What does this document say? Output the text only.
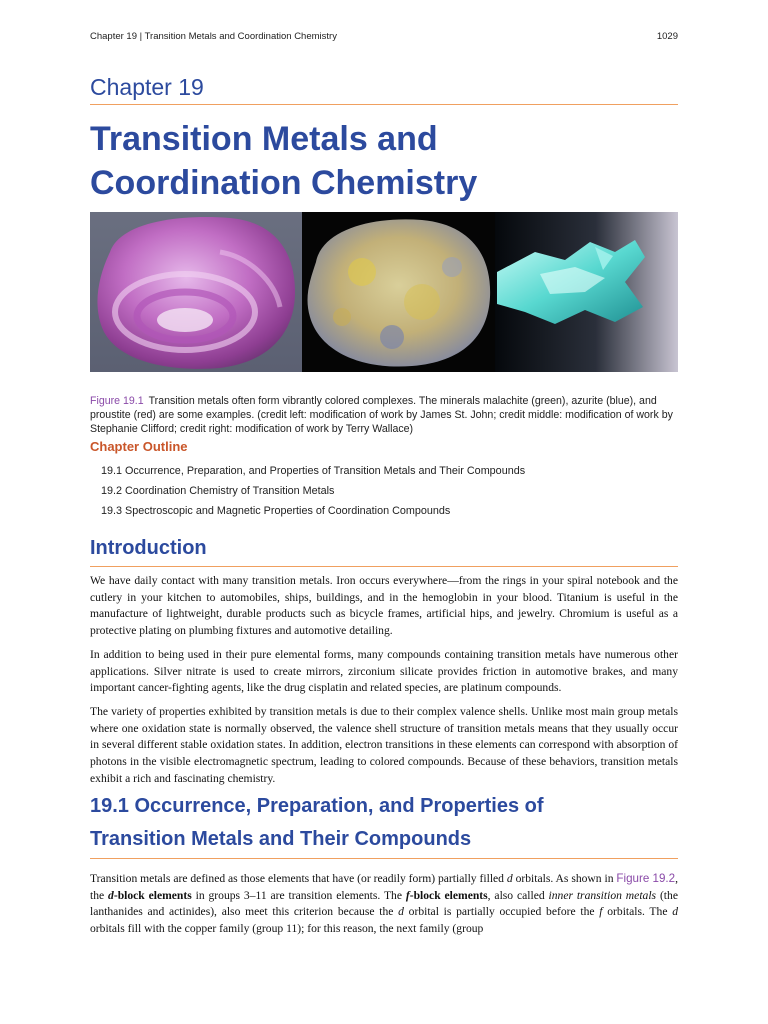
Chapter 19 | Transition Metals and Coordination Chemistry	1029
Chapter 19
Transition Metals and
Coordination Chemistry

Figure 19.1 Transition metals often form vibrantly colored complexes. The minerals malachite (green), azurite (blue), and proustite (red) are some examples. (credit left: modification of work by James St. John; credit middle: modification of work by Stephanie Clifford; credit right: modification of work by Terry Wallace)

Chapter Outline
19.1 Occurrence, Preparation, and Properties of Transition Metals and Their Compounds
19.2 Coordination Chemistry of Transition Metals
19.3 Spectroscopic and Magnetic Properties of Coordination Compounds
Introduction

We have daily contact with many transition metals. Iron occurs everywhere—from the rings in your spiral notebook and the cutlery in your kitchen to automobiles, ships, buildings, and in the hemoglobin in your blood. Titanium is useful in the manufacture of lightweight, durable products such as bicycle frames, artificial hips, and jewelry. Chromium is useful as a protective plating on plumbing fixtures and automotive detailing.

In addition to being used in their pure elemental forms, many compounds containing transition metals have numerous other applications. Silver nitrate is used to create mirrors, zirconium silicate provides friction in automotive brakes, and many important cancer-fighting agents, like the drug cisplatin and related species, are platinum compounds.

The variety of properties exhibited by transition metals is due to their complex valence shells. Unlike most main group metals where one oxidation state is normally observed, the valence shell structure of transition metals means that they usually occur in several different stable oxidation states. In addition, electron transitions in these elements can correspond with absorption of photons in the visible electromagnetic spectrum, leading to colored compounds. Because of these behaviors, transition metals exhibit a rich and fascinating chemistry.

19.1 Occurrence, Preparation, and Properties of
Transition Metals and Their Compounds

Transition metals are defined as those elements that have (or readily form) partially filled d orbitals. As shown in Figure 19.2, the d-block elements in groups 3–11 are transition elements. The f-block elements, also called inner transition metals (the lanthanides and actinides), also meet this criterion because the d orbital is partially occupied before the f orbitals. The d orbitals fill with the copper family (group 11); for this reason, the next family (group
